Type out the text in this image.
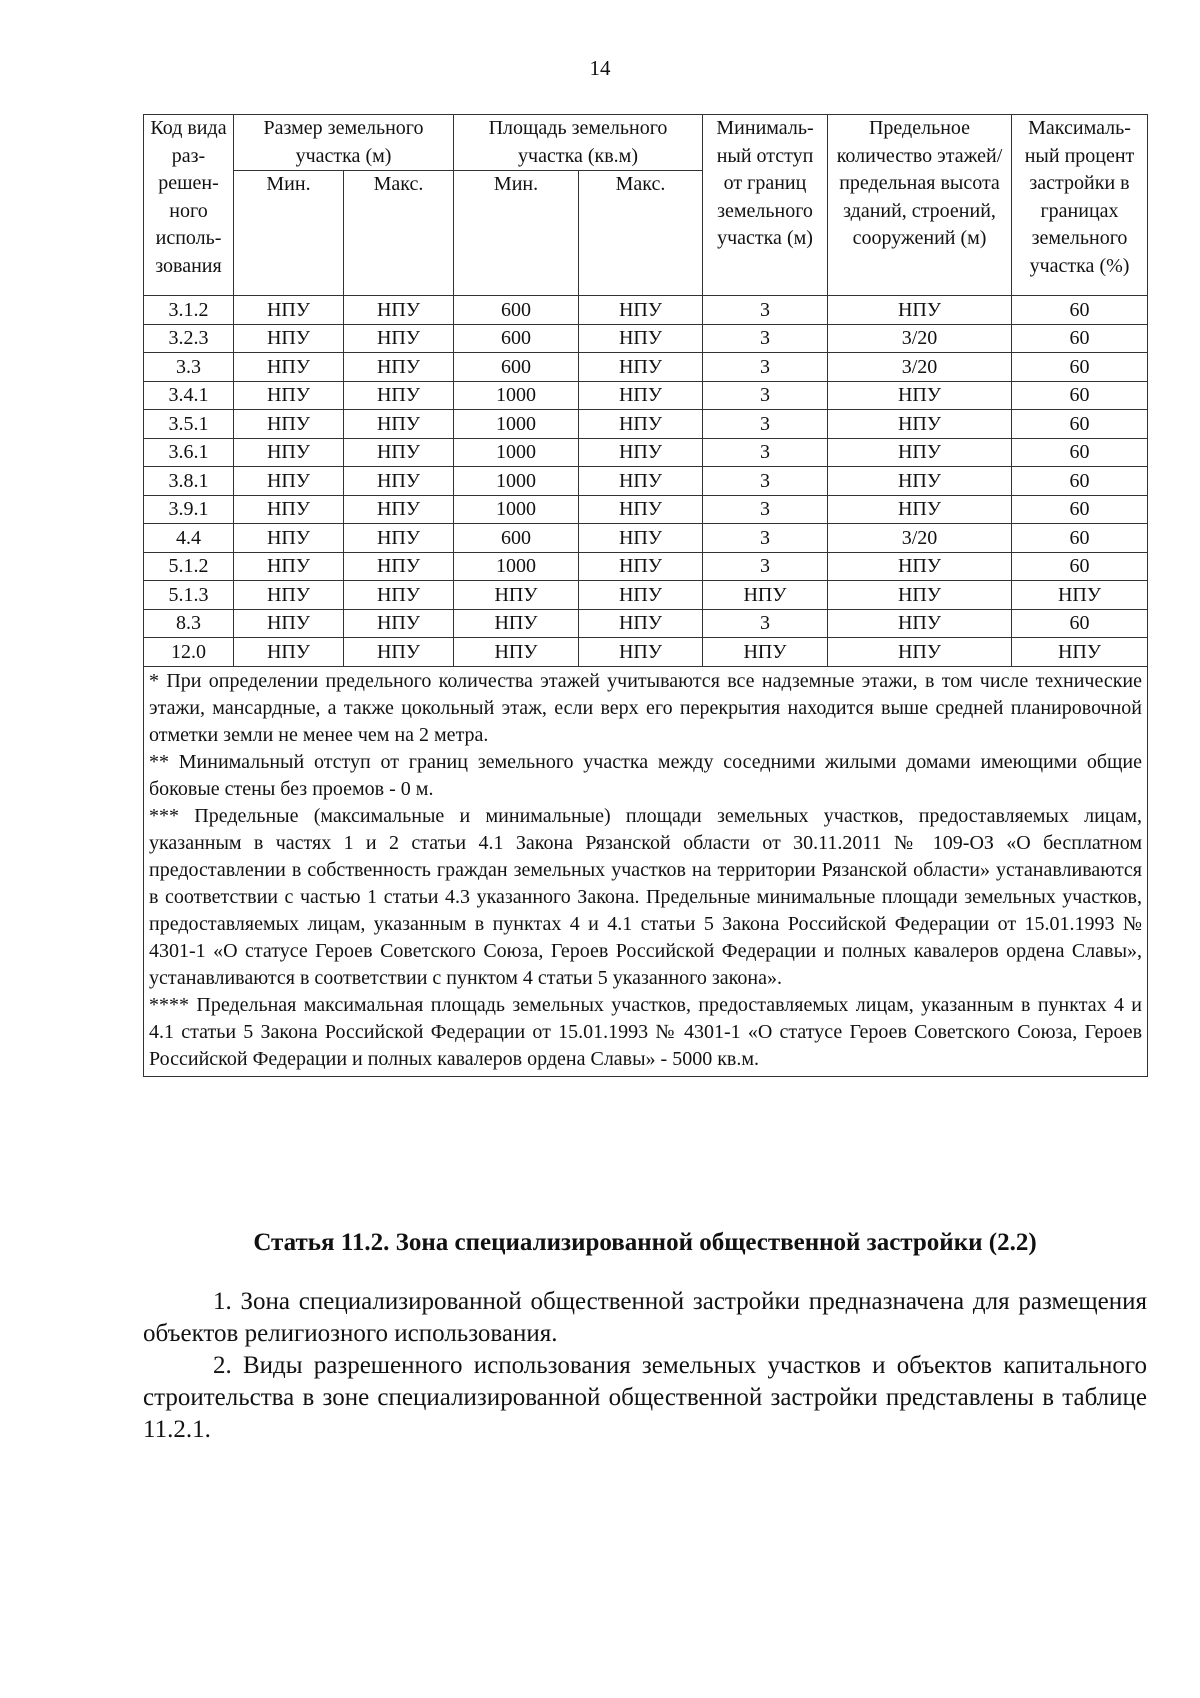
14
Код вида раз-решен-ного исполь-зования	Размер земельного участка (м)		Площадь земельного участка (кв.м)		Минималь-ный отступ от границ земельного участка (м)	Предельное количество этажей/ предельная высота зданий, строений, сооружений (м)	Максималь-ный процент застройки в границах земельного участка (%)
	Мин.	Макс.	Мин.	Макс.			
3.1.2	НПУ	НПУ	600	НПУ	3	НПУ	60
3.2.3	НПУ	НПУ	600	НПУ	3	3/20	60
3.3	НПУ	НПУ	600	НПУ	3	3/20	60
3.4.1	НПУ	НПУ	1000	НПУ	3	НПУ	60
3.5.1	НПУ	НПУ	1000	НПУ	3	НПУ	60
3.6.1	НПУ	НПУ	1000	НПУ	3	НПУ	60
3.8.1	НПУ	НПУ	1000	НПУ	3	НПУ	60
3.9.1	НПУ	НПУ	1000	НПУ	3	НПУ	60
4.4	НПУ	НПУ	600	НПУ	3	3/20	60
5.1.2	НПУ	НПУ	1000	НПУ	3	НПУ	60
5.1.3	НПУ	НПУ	НПУ	НПУ	НПУ	НПУ	НПУ
8.3	НПУ	НПУ	НПУ	НПУ	3	НПУ	60
12.0	НПУ	НПУ	НПУ	НПУ	НПУ	НПУ	НПУ

* При определении предельного количества этажей учитываются все надземные этажи, в том числе технические этажи, мансардные, а также цокольный этаж, если верх его перекрытия находится выше средней планировочной отметки земли не менее чем на 2 метра.

** Минимальный отступ от границ земельного участка между соседними жилыми домами имеющими общие боковые стены без проемов - 0 м.

*** Предельные (максимальные и минимальные) площади земельных участков, предоставляемых лицам, указанным в частях 1 и 2 статьи 4.1 Закона Рязанской области от 30.11.2011 № 109-ОЗ «О бесплатном предоставлении в собственность граждан земельных участков на территории Рязанской области» устанавливаются в соответствии с частью 1 статьи 4.3 указанного Закона. Предельные минимальные площади земельных участков, предоставляемых лицам, указанным в пунктах 4 и 4.1 статьи 5 Закона Российской Федерации от 15.01.1993 № 4301-1 «О статусе Героев Советского Союза, Героев Российской Федерации и полных кавалеров ордена Славы», устанавливаются в соответствии с пунктом 4 статьи 5 указанного закона».

**** Предельная максимальная площадь земельных участков, предоставляемых лицам, указанным в пунктах 4 и 4.1 статьи 5 Закона Российской Федерации от 15.01.1993 № 4301-1 «О статусе Героев Советского Союза, Героев Российской Федерации и полных кавалеров ордена Славы» - 5000 кв.м.							

Статья 11.2. Зона специализированной общественной застройки (2.2)

1. Зона специализированной общественной застройки предназначена для размещения объектов религиозного использования.

2. Виды разрешенного использования земельных участков и объектов капитального строительства в зоне специализированной общественной застройки представлены в таблице 11.2.1.
